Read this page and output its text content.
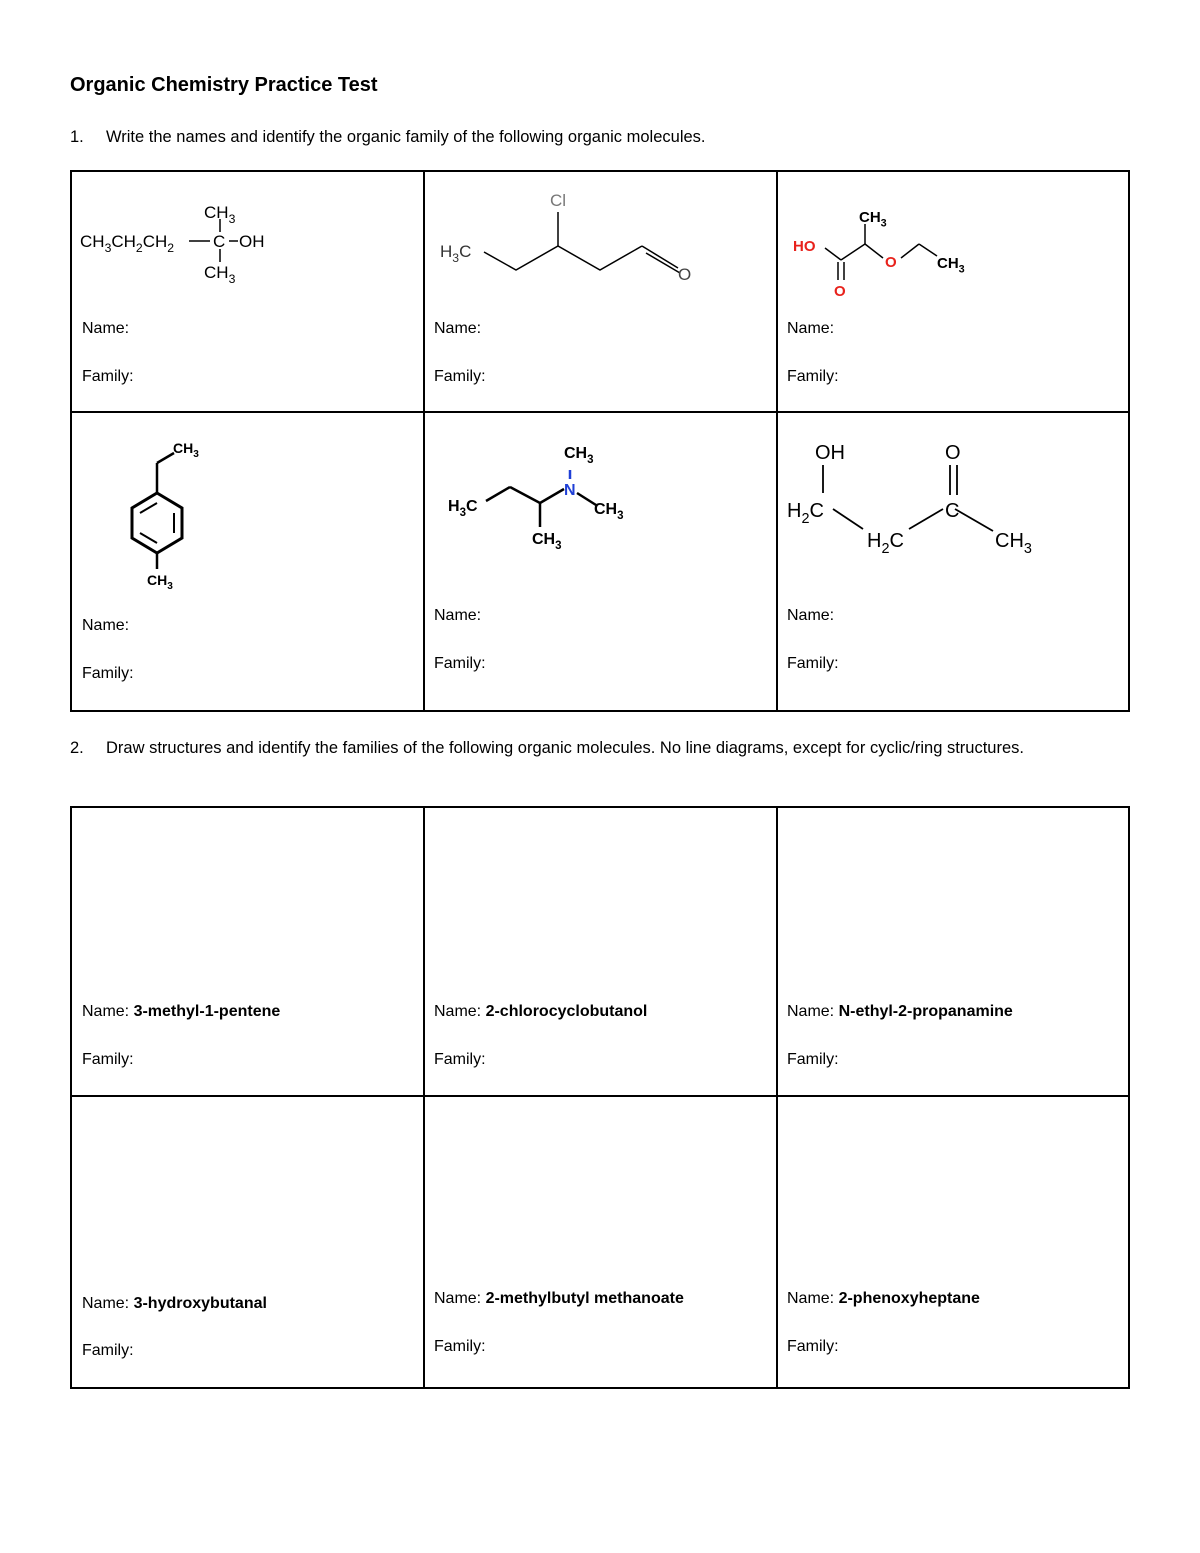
Organic Chemistry Practice Test
1. Write the names and identify the organic family of the following organic molecules.
$CH_3$
$CH_3CH_2CH_2$ C OH
$CH_3$
Name:
Family:
Cl
$H_3C$
O
Name:
Family:
HO
O
$CH_3$
O	$CH_3$
Name:
Family:
$CH_3$
$CH_3$
Name:
Family:
$CH_3$
N
$H_3C$	$CH_3$
$CH_3$
Name:
Family:
OH
$H_2C$
$H_2C$
O
C
$CH_3$
Name:
Family:
2. Draw structures and identify the families of the following organic molecules. No line diagrams, except for cyclic/ring structures.
Name: 3-methyl-1-pentene
Family:
Name: 2-chlorocyclobutanol
Family:
Name: N-ethyl-2-propanamine
Family:
Name: 3-hydroxybutanal
Family:
Name: 2-methylbutyl methanoate
Family:
Name: 2-phenoxyheptane
Family:
